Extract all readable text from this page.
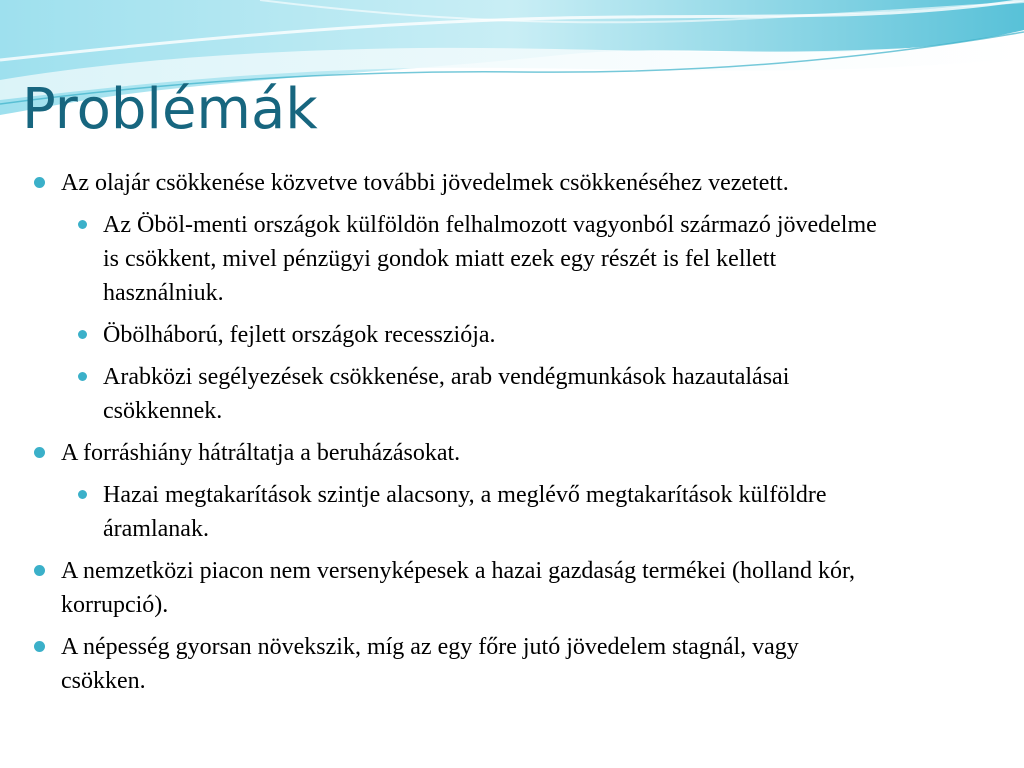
Problémák
Az olajár csökkenése közvetve további jövedelmek csökkenéséhez vezetett.
Az Öböl-menti országok külföldön felhalmozott vagyonból származó jövedelme is csökkent, mivel pénzügyi gondok miatt ezek egy részét is fel kellett használniuk.
Öbölháború, fejlett országok recessziója.
Arabközi segélyezések csökkenése, arab vendégmunkások hazautalásai csökkennek.
A forráshiány hátráltatja a beruházásokat.
Hazai megtakarítások szintje alacsony, a meglévő megtakarítások külföldre áramlanak.
A nemzetközi piacon nem versenyképesek a hazai gazdaság termékei (holland kór, korrupció).
A népesség gyorsan növekszik, míg az egy főre jutó jövedelem stagnál, vagy csökken.
